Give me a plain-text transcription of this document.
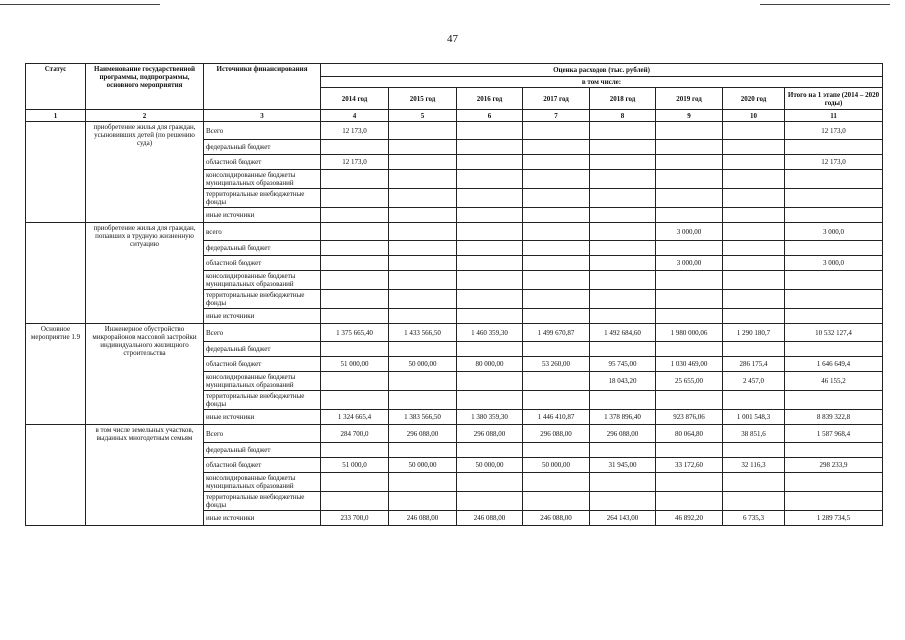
47
Статус	Наименование государственной программы, подпрограммы, основного мероприятия	Источники финансирования	Оценка расходов (тыс. рублей)							
			в том числе:							
			2014 год	2015 год	2016 год	2017 год	2018 год	2019 год	2020 год	Итого на 1 этапе (2014 – 2020 годы)
1	2	3	4	5	6	7	8	9	10	11
	приобретение жилья для граждан, усыновивших детей (по решению суда)	Всего	12 173,0							12 173,0
		федеральный бюджет								
		областной бюджет	12 173,0							12 173,0
		консолидированные бюджеты муниципальных образований								
		территориальные внебюджетные фонды								
		иные источники								
	приобретение жилья для граждан, попавших в трудную жизненную ситуацию	всего						3 000,00		3 000,0
		федеральный бюджет								
		областной бюджет						3 000,00		3 000,0
		консолидированные бюджеты муниципальных образований								
		территориальные внебюджетные фонды								
		иные источники								
Основное мероприятие 1.9	Инженерное обустройство микрорайонов массовой застройки индивидуального жилищного строительства	Всего	1 375 665,40	1 433 566,50	1 460 359,30	1 499 670,87	1 492 684,60	1 980 000,06	1 290 180,7	10 532 127,4
		федеральный бюджет								
		областной бюджет	51 000,00	50 000,00	80 000,00	53 260,00	95 745,00	1 030 469,00	286 175,4	1 646 649,4
		консолидированные бюджеты муниципальных образований					18 043,20	25 655,00	2 457,0	46 155,2
		территориальные внебюджетные фонды								
		иные источники	1 324 665,4	1 383 566,50	1 380 359,30	1 446 410,87	1 378 896,40	923 876,06	1 001 548,3	8 839 322,8
	в том числе земельных участков, выданных многодетным семьям	Всего	284 700,0	296 088,00	296 088,00	296 088,00	296 088,00	80 064,80	38 851,6	1 587 968,4
		федеральный бюджет								
		областной бюджет	51 000,0	50 000,00	50 000,00	50 000,00	31 945,00	33 172,60	32 116,3	298 233,9
		консолидированные бюджеты муниципальных образований								
		территориальные внебюджетные фонды								
		иные источники	233 700,0	246 088,00	246 088,00	246 088,00	264 143,00	46 892,20	6 735,3	1 289 734,5
